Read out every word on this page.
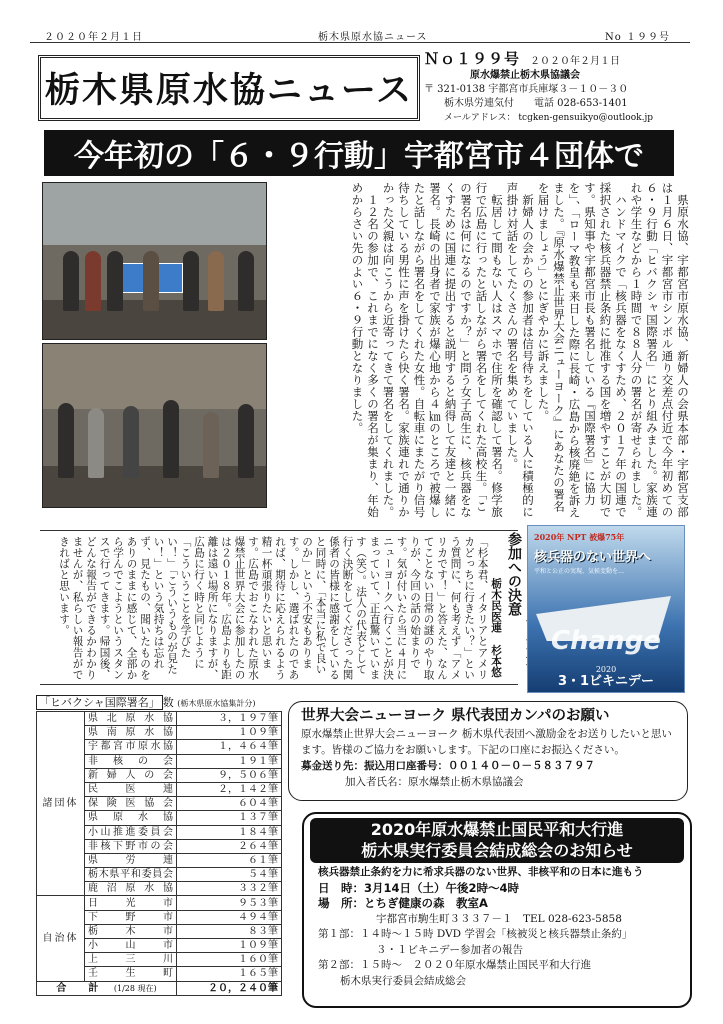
２０２０年２月１日	栃木県原水協ニュース	No １９９号
栃木県原水協ニュース
Ｎｏ１９９号　 ２０２０年２月１日
原水爆禁止栃木県協議会
〒 321-0138 宇都宮市兵庫塚３－１０－３０
栃木県労連気付　　 電話 028-653-1401
メールアドレス： tcgken-gensuikyo@outlook.jp
今年初の「６・９行動」宇都宮市４団体で

県原水協、宇都宮市原水協、新婦人の会県本部・宇都宮支部は１月６日、宇都宮市シンボル通り交差点付近で今年初めての６・９行動「ヒバクシャ国際署名」にとり組みました。家族連れや学生などから１時間で８８人分の署名が寄せられました。

ハンドマイクで「核兵器をなくすため、２０１７年の国連で採択された核兵器禁止条約に批准する国を増やすことが大切です。県知事や宇都宮市長も署名している『国際署名』に協力を」、「ローマ教皇も来日した際に長崎・広島から核廃絶を訴えました。『原水爆禁止世界大会ニューヨーク』にあなたの署名を届けましょう」とにぎやかに訴えました。

新婦人の会からの参加者は信号待ちをしている人に積極的に声掛け対話をしてたくさんの署名を集めていました。

転居して間もない人はスマホで住所を確認して署名。修学旅行で広島に行ったと話しながら署名をしてくれた高校生。「この署名は何になるのですか？」と問う女子高生に、核兵器をなくすために国連に提出すると説明すると納得して友達と一緒に署名。長崎の出身者で家族が爆心地から４㎞のところで被爆したと話しながら署名をしてくれた女性。自転車にまたがり信号待ちしている男性に声を掛けたら快く署名。家族連れで通りかかった父親は向こうから近寄ってきて署名をしてくれました。

１２名の参加で、これまでになく多くの署名が集まり、年始めからさい先のよい６・９行動となりました。

参加への決意

栃木民医連　杉本悠

「杉本君、イタリアとアメリカどっちに行きたい？」という質問に、何も考えず「アメリカです！」と答えた、なんてことない日常の謎のやり取りが、今回の話の始まりです。気が付いたら当に４月にニューヨークへ行くことが決まっていて、正直驚いています（笑）。法人の代表として行く決断をしてくださった関係者の皆様に感謝をしていると同時に、「本当に私で良いのか」という不安もあります。しかし、選ばれたのであれば、期待に応えられるよう精一杯頑張りたいと思います。広島でおこなわれた原水爆禁止世界大会に参加したのは２０１８年。広島よりも距離は遠い場所になりますが、広島に行く時と同じように「こういうことを学びたい！」「こういうものが見たい！」という気持ちは忘れず、見たもの、聞いたものをありのままに感じて、全部から学んでこようというスタンスで行ってきます。帰国後、どんな報告ができるかわかりませんが、私らしい報告ができればと思います。	2020年 NPT 被爆75年
核兵器のない世界へ
平和と公正の実現、気候変動を…
Change
2020
3・1ビキニデー
「ヒバクシャ国際署名」 数 (栃木県原水協集計分)
諸団体	県北原水協	３，１９７筆
	県南原水協	１０９筆
	宇都宮市原水協	１，４６４筆
	非核の会	１９１筆
	新婦人の会	９，５０６筆
	民医連	２，１４２筆
	保険医協会	６０４筆
	県原水協	１３７筆
	小山推進委員会	１８４筆
	非核下野市の会	２６４筆
	県労連	６１筆
	栃木県平和委員会	５４筆
	鹿沼原水協	３３２筆
自治体	日光市	９５３筆
	下野市	４９４筆
	栃木市	８３筆
	小山市	１０９筆
	上三川	１６０筆
	壬生町	１６５筆
合　計 (1/28 現在)		２０，２４０筆
世界大会ニューヨーク 県代表団カンパのお願い
原水爆禁止世界大会ニューヨーク 栃木県代表団へ激励金をお送りしたいと思います。皆様のご協力をお願いします。下記の口座にお振込ください。
募金送り先：振込用口座番号：００１４０－０－５８３７９７
加入者氏名：原水爆禁止栃木県協議会
2020年原水爆禁止国民平和大行進
栃木県実行委員会結成総会のお知らせ
核兵器禁止条約を力に希求兵器のない世界、非核平和の日本に進もう
日　時：3月14日（土）午後2時～4時
場　所：とちぎ健康の森　教室A
宇都宮市駒生町３３３７－１　TEL 028-623-5858
第１部：１４時～１５時 DVD 学習会「核被災と核兵器禁止条約」
３・１ビキニデー参加者の報告
第２部：１５時～　２０２０年原水爆禁止国民平和大行進
栃木県実行委員会結成総会
